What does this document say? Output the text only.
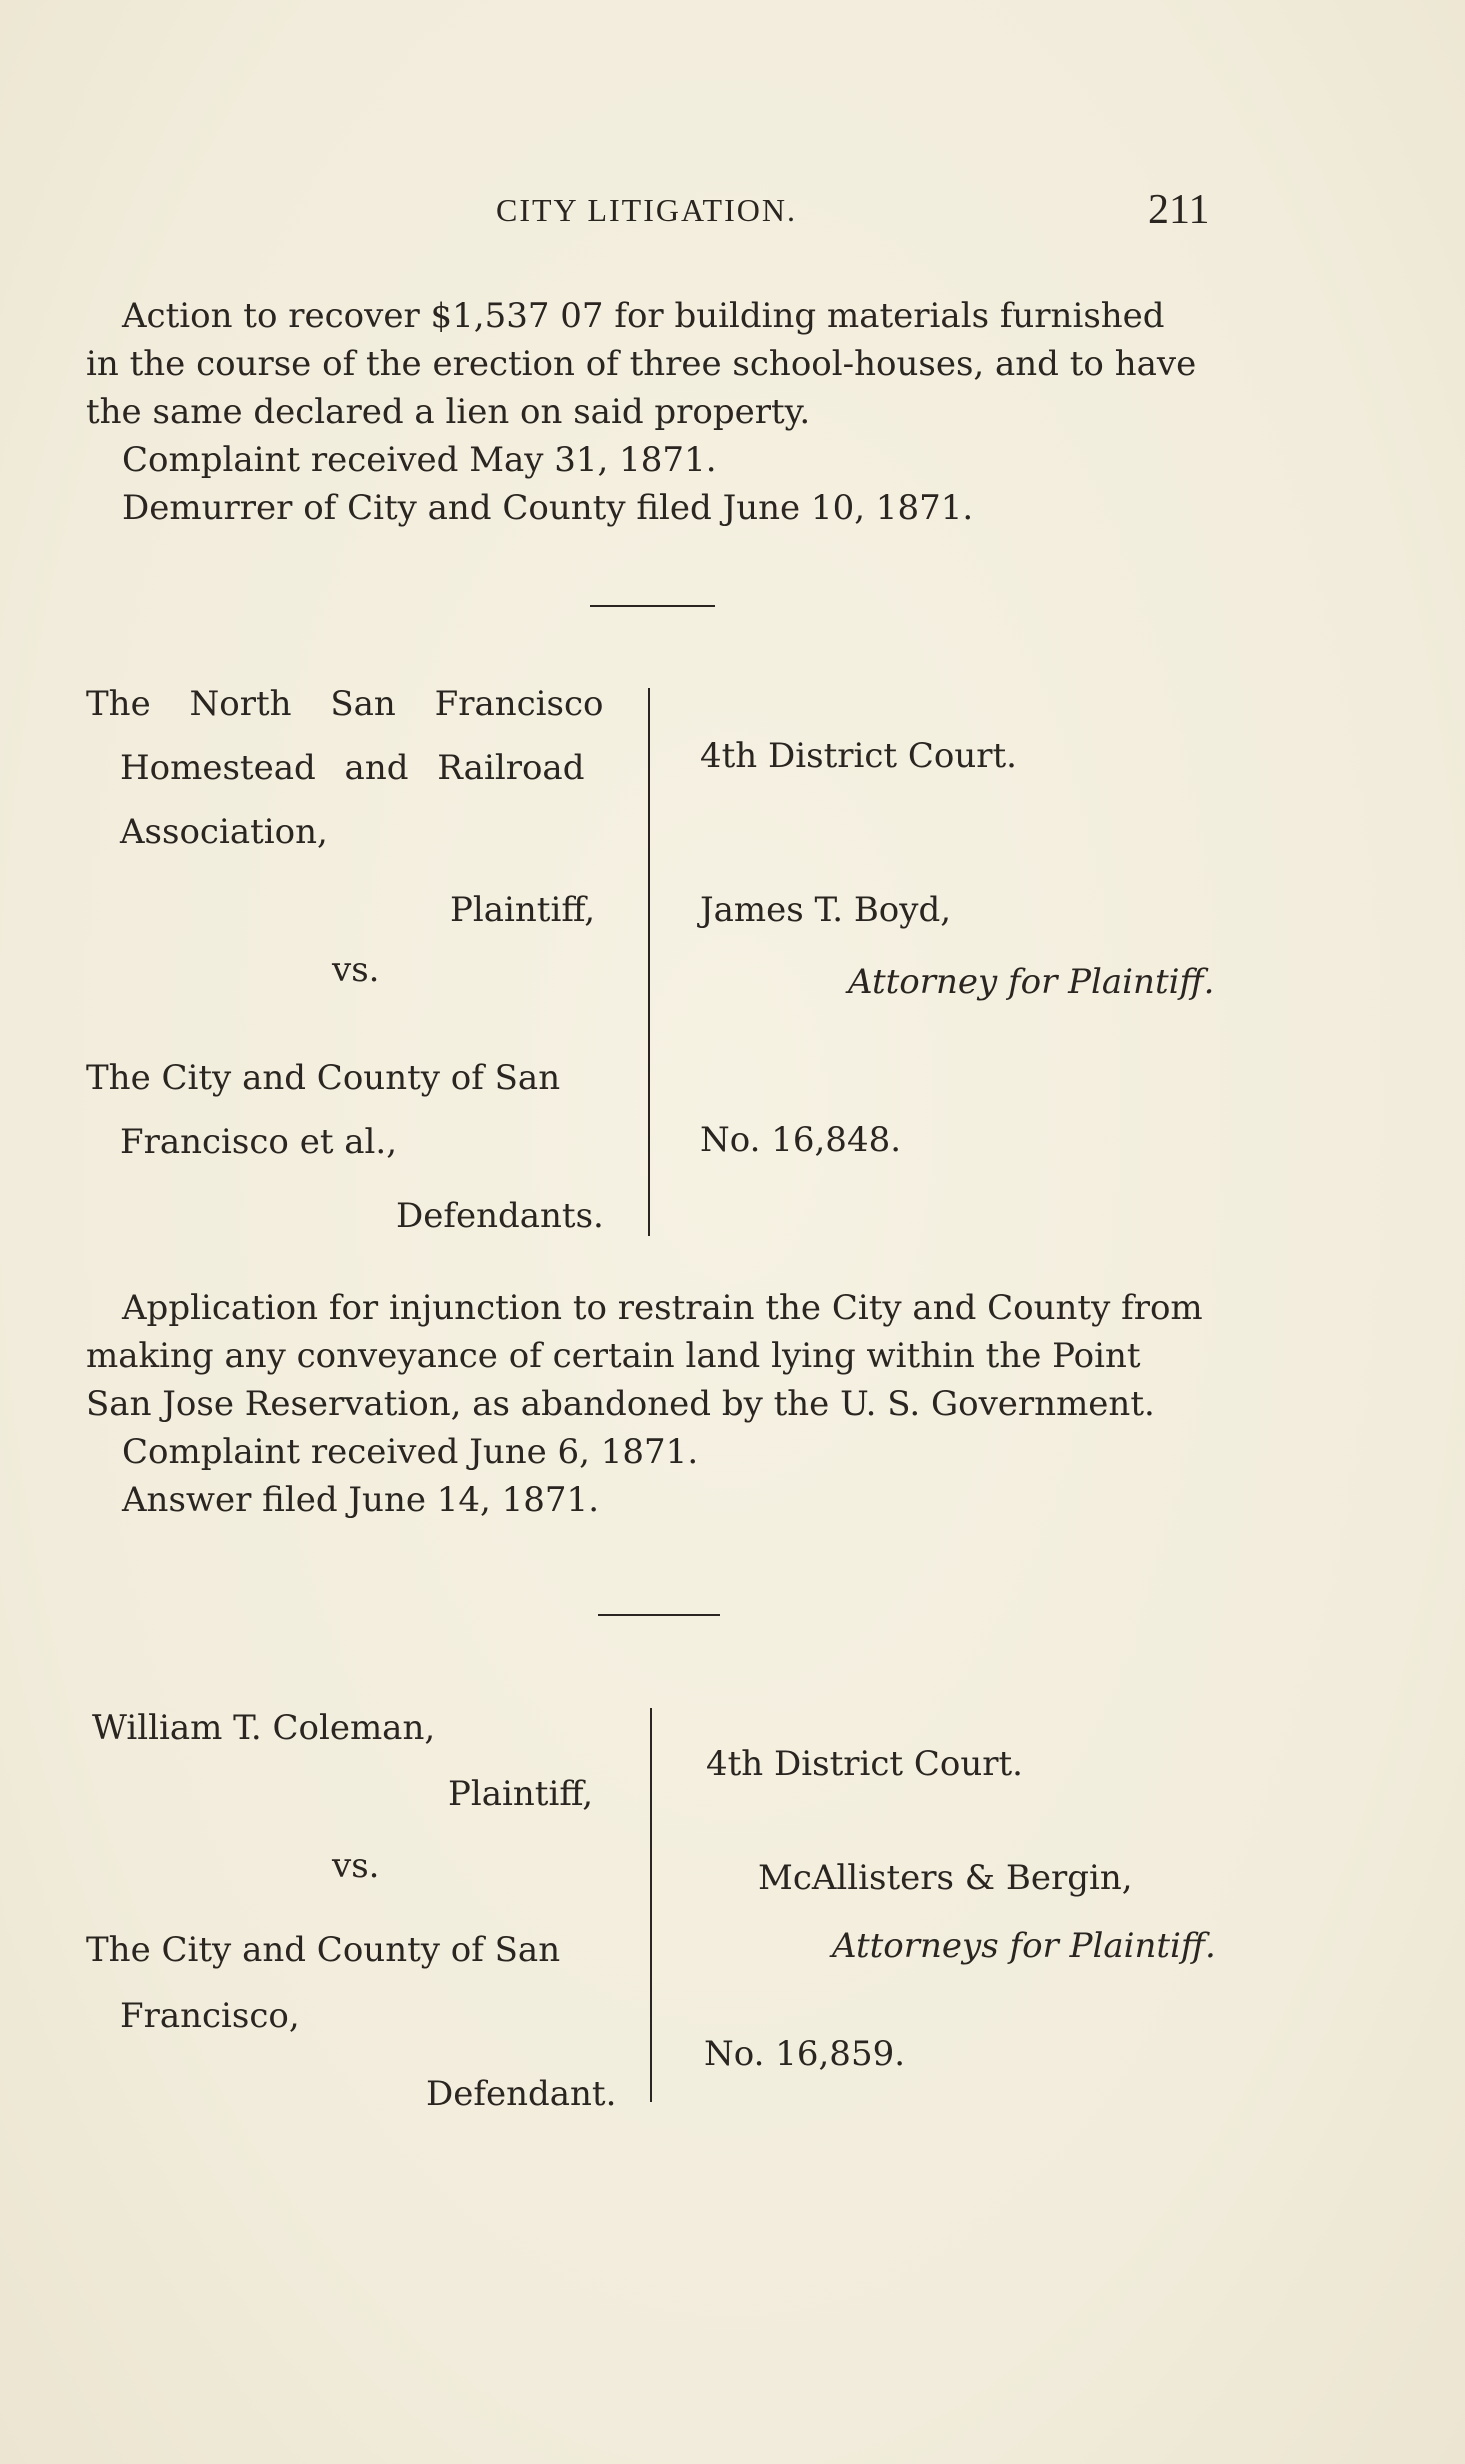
CITY LITIGATION.	211

Action to recover $1,537 07 for building materials furnished

in the course of the erection of three school-houses, and to have

the same declared a lien on said property.

Complaint received May 31, 1871.

Demurrer of City and County filed June 10, 1871.

The North San Francisco
Homestead and Railroad
Association,
Plaintiff,
vs.
The City and County of San
Francisco et al.,
Defendants.
4th District Court.
James T. Boyd,
Attorney for Plaintiff.
No. 16,848.

Application for injunction to restrain the City and County from

making any conveyance of certain land lying within the Point

San Jose Reservation, as abandoned by the U. S. Government.

Complaint received June 6, 1871.

Answer filed June 14, 1871.

William T. Coleman,
Plaintiff,
vs.
The City and County of San
Francisco,
Defendant.
4th District Court.
McAllisters & Bergin,
Attorneys for Plaintiff.
No. 16,859.
